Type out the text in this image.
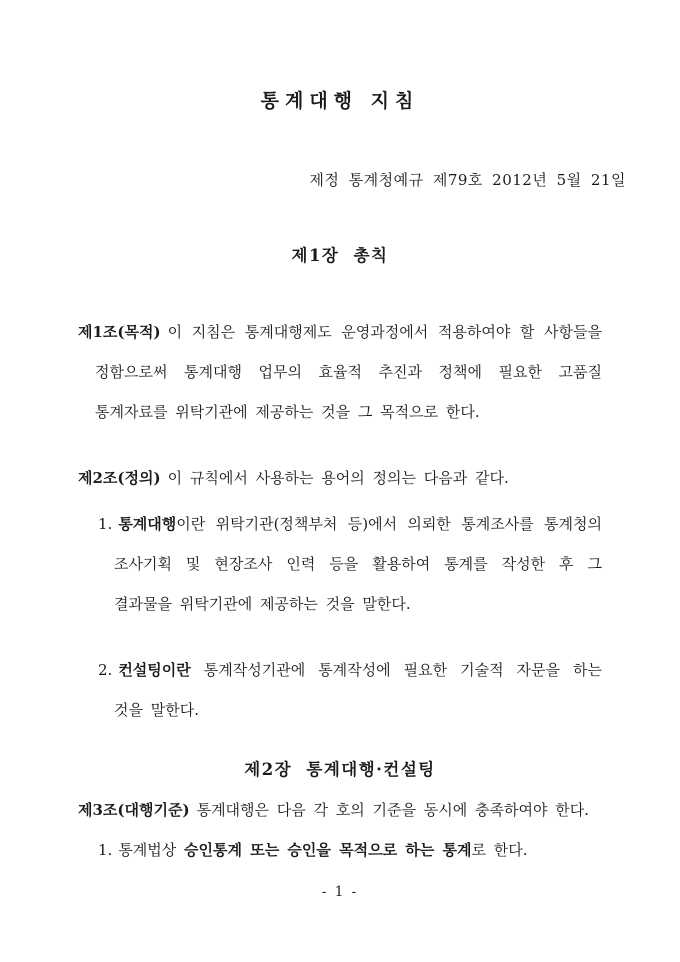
통계대행 지침

제정 통계청예규 제79호 2012년 5월 21일

제1장 총칙

제1조(목적) 이 지침은 통계대행제도 운영과정에서 적용하여야 할 사항들을 정함으로써 통계대행 업무의 효율적 추진과 정책에 필요한 고품질 통계자료를 위탁기관에 제공하는 것을 그 목적으로 한다.

제2조(정의) 이 규칙에서 사용하는 용어의 정의는 다음과 같다.

1. 통계대행이란 위탁기관(정책부처 등)에서 의뢰한 통계조사를 통계청의 조사기획 및 현장조사 인력 등을 활용하여 통계를 작성한 후 그 결과물을 위탁기관에 제공하는 것을 말한다.

2. 컨설팅이란 통계작성기관에 통계작성에 필요한 기술적 자문을 하는 것을 말한다.

제2장 통계대행·컨설팅

제3조(대행기준) 통계대행은 다음 각 호의 기준을 동시에 충족하여야 한다.

1. 통계법상 승인통계 또는 승인을 목적으로 하는 통계로 한다.

- 1 -
